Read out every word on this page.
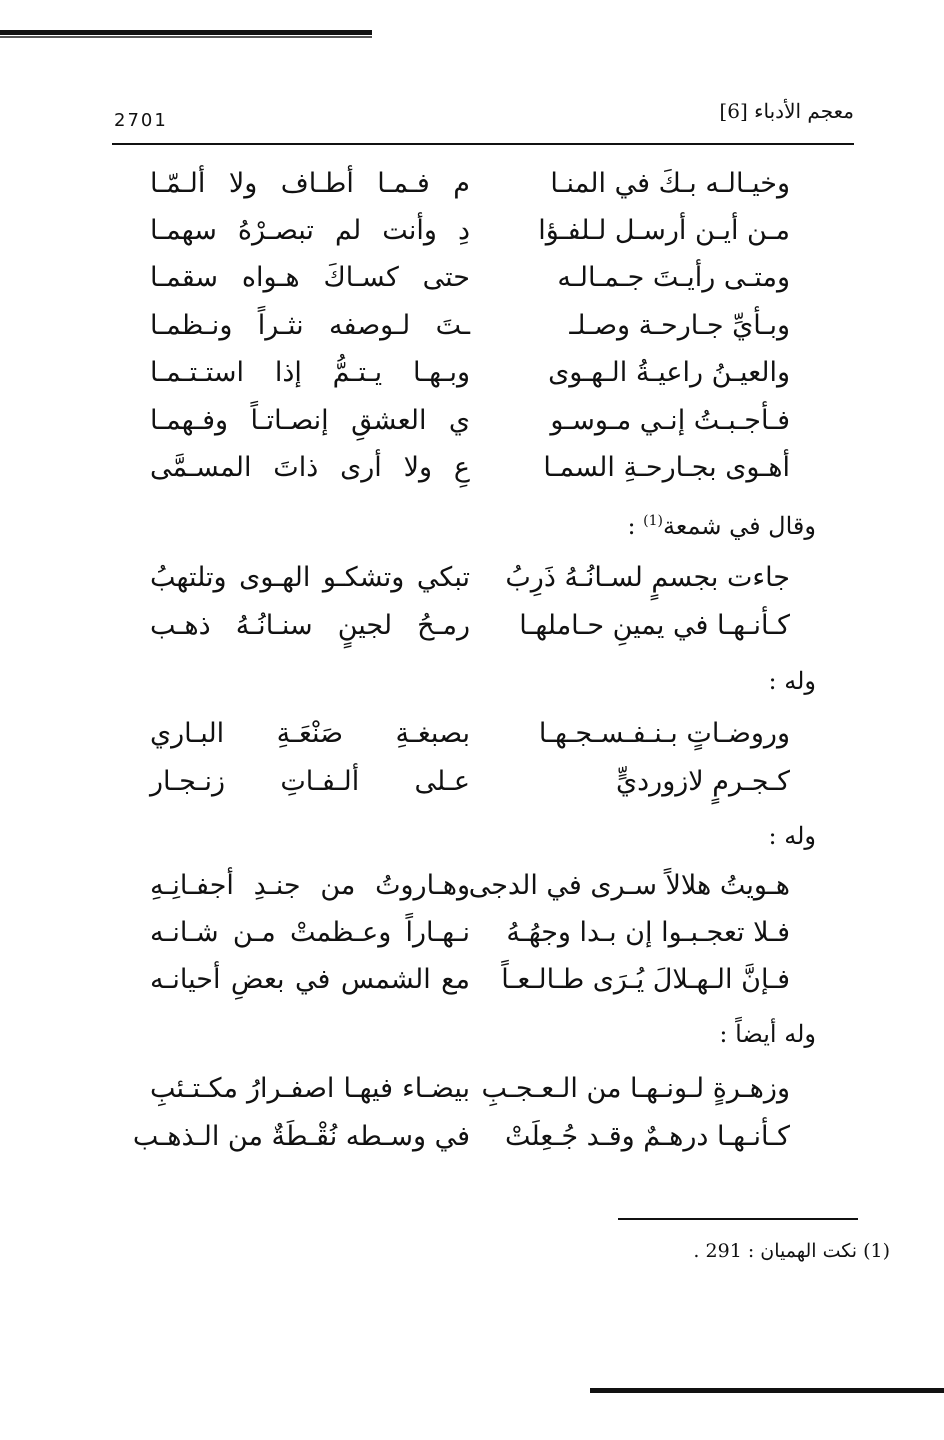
2701	معجم الأدباء [6]
وخيـالـه بـكَ في المنـا
م فـمـا أطـاف ولا ألـمّـا
مـن أيـن أرسـل لـلفـؤا
دِ وأنت لم تبصـرْهُ سهمـا
ومتـى رأيـتَ جـمـالـه
حتى كسـاكَ هـواه سقمـا
وبـأيِّ جـارحـة وصـلـ
ـتَ لـوصفه نثـراً ونـظمـا
والعيـنُ راعيـةُ الـهـوى
وبـهـا يـتـمُّ إذا استـتـمـا
فـأجـبـتُ إنـي مـوسـو
ي العشقِ إنصـاتـاً وفـهمـا
أهـوى بجـارحـةِ السمـا
عِ ولا أرى ذاتَ المسـمَّى
وقال في شمعة$^{(1)}$ :
جاءت بجسمٍ لسـانُـهُ ذَرِبُ
تبكي وتشكـو الهـوى وتلتهبُ
كـأنـهـا في يمينِ حـاملهـا
رمـحُ لجينٍ سنـانُـهُ ذهـب
وله :
وروضـاتٍ بـنـفـسـجـهـا
بصبغـةِ صَنْعَـةِ البـاري
كـجـرمٍ لازورديٍّ
عـلى ألـفـاتِ زنـجـار
وله :
هـويتُ هلالاً سـرى في الدجى
وهـاروتُ من جنـدِ أجفـانِـهِ
فـلا تعجـبـوا إن بـدا وجهُـهُ
نـهـاراً وعـظمتْ مـن شـانـه
فـإنَّ الـهـلالَ يُـرَى طـالـعـاً
مع الشمس في بعضِ أحيانـه
وله أيضاً :
وزهـرةٍ لـونـهـا من الـعـجـبِ
بيضـاء فيهـا اصفـرارُ مكـتـئبِ
كـأنـهـا درهـمٌ وقـد جُـعِلَتْ
في وسـطه نُقْـطَةٌ من الـذهـب
(1) نكت الهميان : 291 .
